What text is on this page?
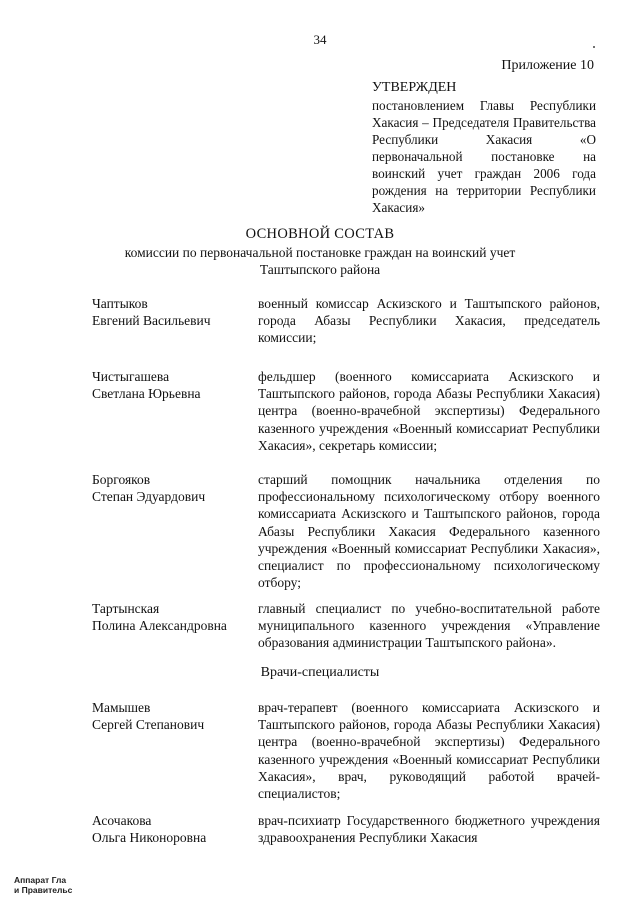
34
Приложение 10
УТВЕРЖДЕН
постановлением Главы Республики Хакасия – Председателя Правительства Республики Хакасия «О первоначальной постановке на воинский учет граждан 2006 года рождения на территории Республики Хакасия»
ОСНОВНОЙ СОСТАВ
комиссии по первоначальной постановке граждан на воинский учет Таштыпского района
Чаптыков
Евгений Васильевич
военный комиссар Аскизского и Таштыпского районов, города Абазы Республики Хакасия, председатель комиссии;
Чистыгашева
Светлана Юрьевна
фельдшер (военного комиссариата Аскизского и Таштыпского районов, города Абазы Республики Хакасия) центра (военно-врачебной экспертизы) Федерального казенного учреждения «Военный комиссариат Республики Хакасия», секретарь комиссии;
Боргояков
Степан Эдуардович
старший помощник начальника отделения по профессиональному психологическому отбору военного комиссариата Аскизского и Таштыпского районов, города Абазы Республики Хакасия Федерального казенного учреждения «Военный комиссариат Республики Хакасия», специалист по профессиональному психологическому отбору;
Тартынская
Полина Александровна
главный специалист по учебно-воспитательной работе муниципального казенного учреждения «Управление образования администрации Таштыпского района».
Врачи-специалисты
Мамышев
Сергей Степанович
врач-терапевт (военного комиссариата Аскизского и Таштыпского районов, города Абазы Республики Хакасия) центра (военно-врачебной экспертизы) Федерального казенного учреждения «Военный комиссариат Республики Хакасия», врач, руководящий работой врачей-специалистов;
Асочакова
Ольга Никоноровна
врач-психиатр Государственного бюджетного учреждения здравоохранения Республики Хакасия
Аппарат Гла
и Правительс
